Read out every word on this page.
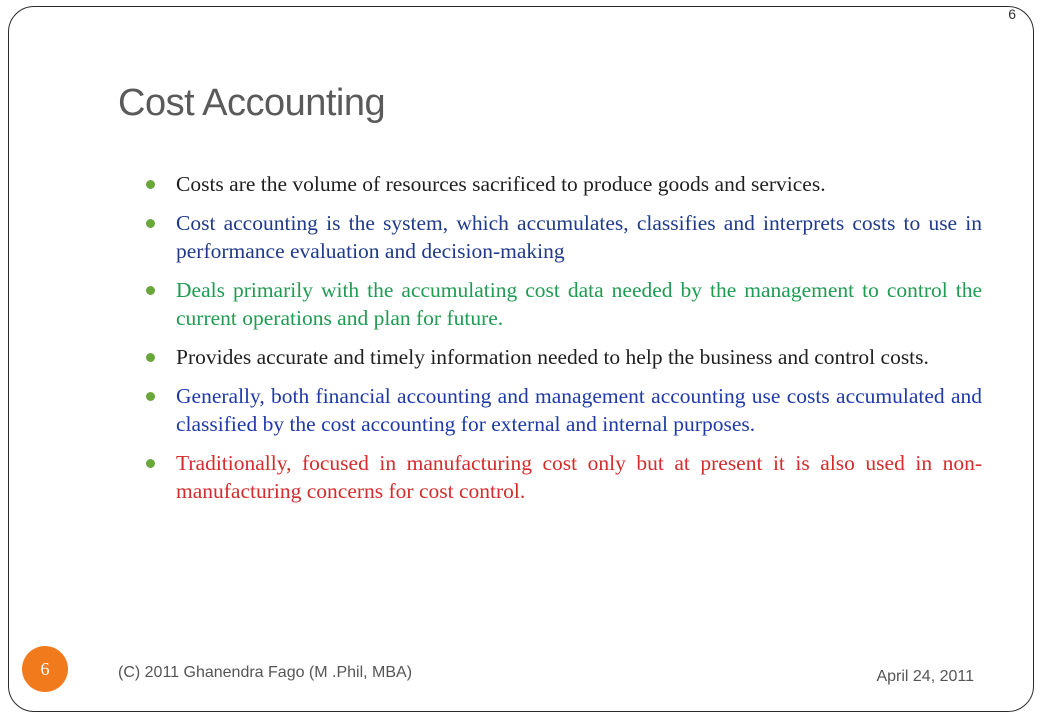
6
Cost Accounting
Costs are the volume of resources sacrificed to produce goods and services.
Cost accounting is the system, which accumulates, classifies and interprets costs to use in performance evaluation and decision-making
Deals primarily with the accumulating cost data needed by the management to control the current operations and plan for future.
Provides accurate and timely information needed to help the business and control costs.
Generally, both financial accounting and management accounting use costs accumulated and classified by the cost accounting for external and internal purposes.
Traditionally, focused in manufacturing cost only but at present it is also used in non-manufacturing concerns for cost control.
6	(C) 2011 Ghanendra Fago (M .Phil, MBA)	April 24, 2011
